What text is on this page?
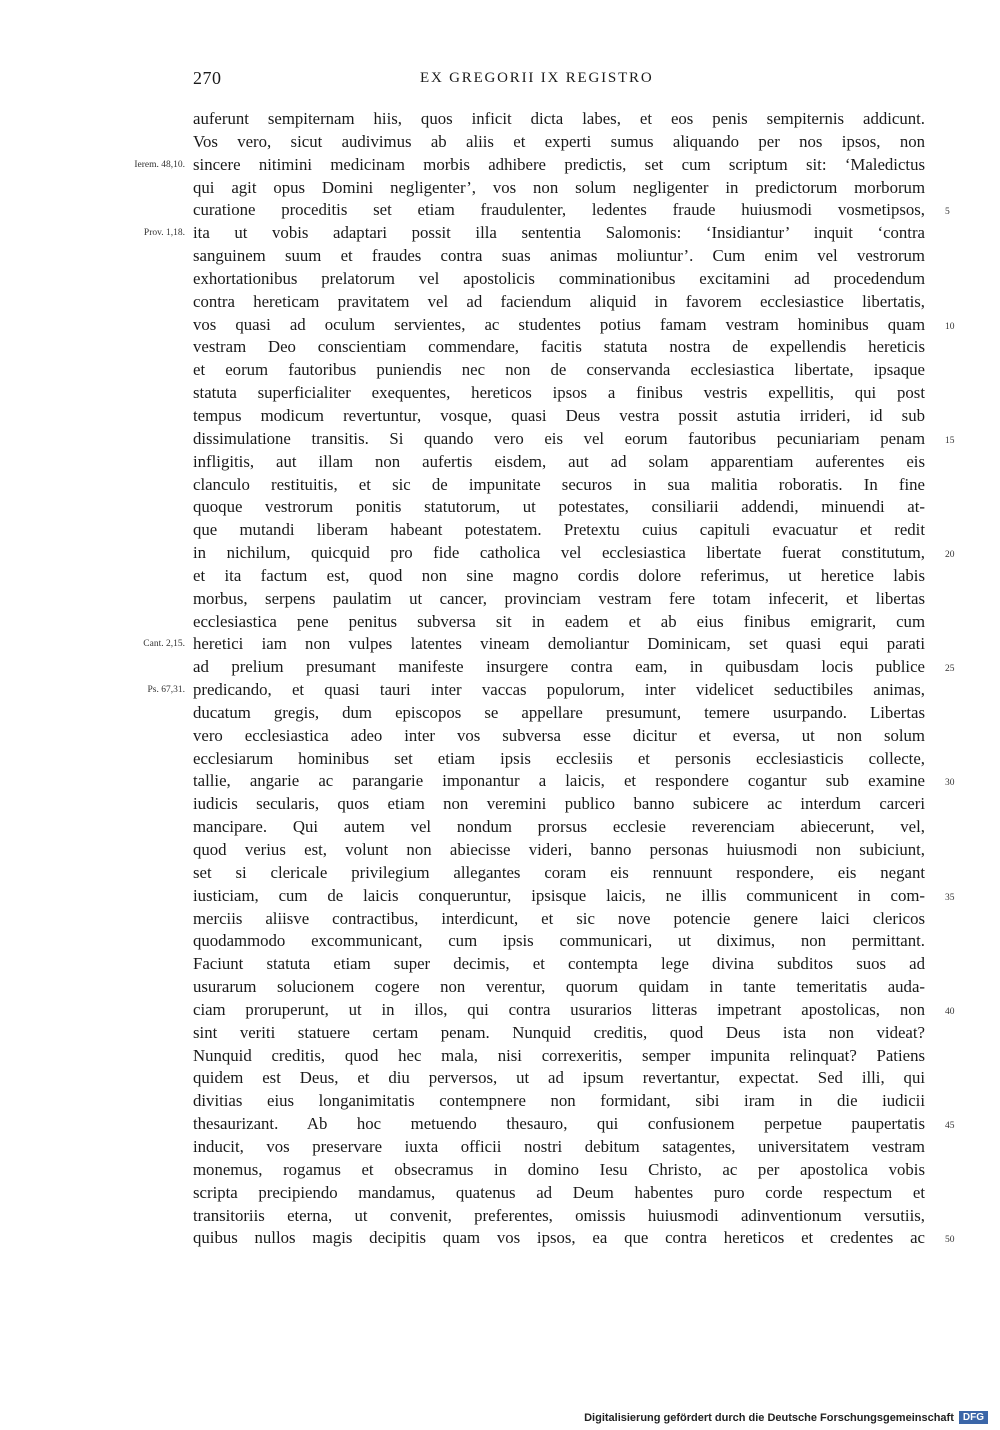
270	EX GREGORII IX REGISTRO
auferunt sempiternam hiis, quos inficit dicta labes, et eos penis sempiternis addicunt.
Vos vero, sicut audivimus ab aliis et experti sumus aliquando per nos ipsos, non
sincere nitimini medicinam morbis adhibere predictis, set cum scriptum sit: ‘Maledictus
Ierem. 48,10.
qui agit opus Domini negligenter’, vos non solum negligenter in predictorum morborum
curatione proceditis set etiam fraudulenter, ledentes fraude huiusmodi vosmetipsos, 5
ita ut vobis adaptari possit illa sententia Salomonis: ‘Insidiantur’ inquit ‘contra
Prov. 1,18.
sanguinem suum et fraudes contra suas animas moliuntur’. Cum enim vel vestrorum
exhortationibus prelatorum vel apostolicis comminationibus excitamini ad procedendum
contra hereticam pravitatem vel ad faciendum aliquid in favorem ecclesiastice libertatis,
vos quasi ad oculum servientes, ac studentes potius famam vestram hominibus quam 10
vestram Deo conscientiam commendare, facitis statuta nostra de expellendis hereticis
et eorum fautoribus puniendis nec non de conservanda ecclesiastica libertate, ipsaque
statuta superficialiter exequentes, hereticos ipsos a finibus vestris expellitis, qui post
tempus modicum revertuntur, vosque, quasi Deus vestra possit astutia irrideri, id sub
dissimulatione transitis. Si quando vero eis vel eorum fautoribus pecuniariam penam 15
infligitis, aut illam non aufertis eisdem, aut ad solam apparentiam auferentes eis
clanculo restituitis, et sic de impunitate securos in sua malitia roboratis. In fine
quoque vestrorum ponitis statutorum, ut potestates, consiliarii addendi, minuendi at-
que mutandi liberam habeant potestatem. Pretextu cuius capituli evacuatur et redit
in nichilum, quicquid pro fide catholica vel ecclesiastica libertate fuerat constitutum, 20
et ita factum est, quod non sine magno cordis dolore referimus, ut heretice labis
morbus, serpens paulatim ut cancer, provinciam vestram fere totam infecerit, et libertas
ecclesiastica pene penitus subversa sit in eadem et ab eius finibus emigrarit, cum
heretici iam non vulpes latentes vineam demoliantur Dominicam, set quasi equi parati
Cant. 2,15.
ad prelium presumant manifeste insurgere contra eam, in quibusdam locis publice 25
predicando, et quasi tauri inter vaccas populorum, inter videlicet seductibiles animas,
Ps. 67,31.
ducatum gregis, dum episcopos se appellare presumunt, temere usurpando. Libertas
vero ecclesiastica adeo inter vos subversa esse dicitur et eversa, ut non solum
ecclesiarum hominibus set etiam ipsis ecclesiis et personis ecclesiasticis collecte,
tallie, angarie ac parangarie imponantur a laicis, et respondere cogantur sub examine 30
iudicis secularis, quos etiam non veremini publico banno subicere ac interdum carceri
mancipare. Qui autem vel nondum prorsus ecclesie reverenciam abiecerunt, vel,
quod verius est, volunt non abiecisse videri, banno personas huiusmodi non subiciunt,
set si clericale privilegium allegantes coram eis rennuunt respondere, eis negant
iusticiam, cum de laicis conqueruntur, ipsisque laicis, ne illis communicent in com- 35
merciis aliisve contractibus, interdicunt, et sic nove potencie genere laici clericos
quodammodo excommunicant, cum ipsis communicari, ut diximus, non permittant.
Faciunt statuta etiam super decimis, et contempta lege divina subditos suos ad
usurarum solucionem cogere non verentur, quorum quidam in tante temeritatis auda-
ciam proruperunt, ut in illos, qui contra usurarios litteras impetrant apostolicas, non 40
sint veriti statuere certam penam. Nunquid creditis, quod Deus ista non videat?
Nunquid creditis, quod hec mala, nisi correxeritis, semper impunita relinquat? Patiens
quidem est Deus, et diu perversos, ut ad ipsum revertantur, expectat. Sed illi, qui
divitias eius longanimitatis contempnere non formidant, sibi iram in die iudicii
thesaurizant. Ab hoc metuendo thesauro, qui confusionem perpetue paupertatis 45
inducit, vos preservare iuxta officii nostri debitum satagentes, universitatem vestram
monemus, rogamus et obsecramus in domino Iesu Christo, ac per apostolica vobis
scripta precipiendo mandamus, quatenus ad Deum habentes puro corde respectum et
transitoriis eterna, ut convenit, preferentes, omissis huiusmodi adinventionum versutiis,
quibus nullos magis decipitis quam vos ipsos, ea que contra hereticos et credentes ac 50
Digitalisierung gefördert durch die Deutsche Forschungsgemeinschaft DFG
